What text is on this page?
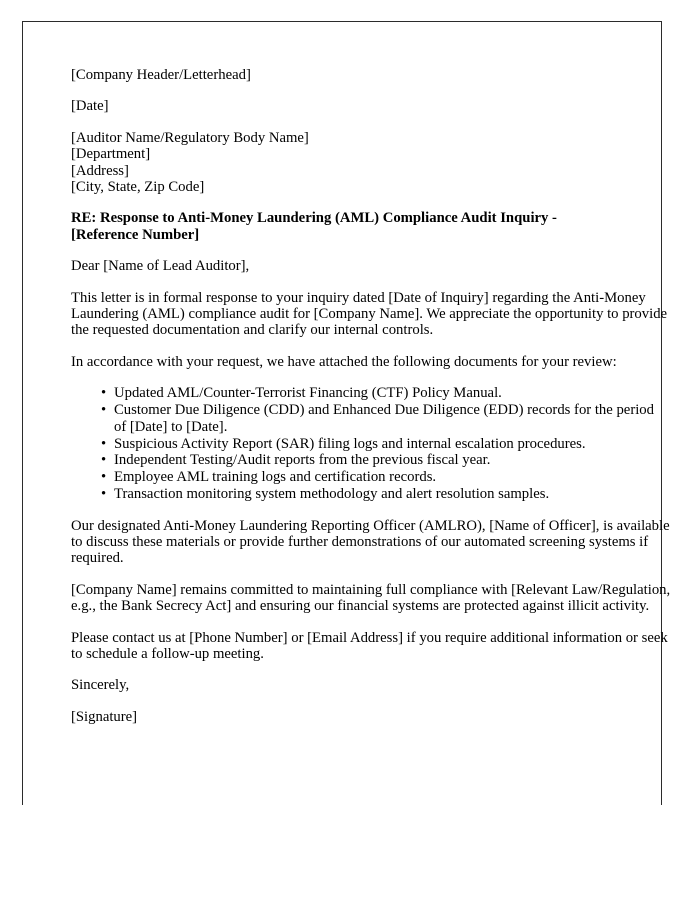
[Company Header/Letterhead]
[Date]
[Auditor Name/Regulatory Body Name]
[Department]
[Address]
[City, State, Zip Code]
RE: Response to Anti-Money Laundering (AML) Compliance Audit Inquiry - [Reference Number]
Dear [Name of Lead Auditor],
This letter is in formal response to your inquiry dated [Date of Inquiry] regarding the Anti-Money Laundering (AML) compliance audit for [Company Name]. We appreciate the opportunity to provide the requested documentation and clarify our internal controls.
In accordance with your request, we have attached the following documents for your review:
• Updated AML/Counter-Terrorist Financing (CTF) Policy Manual.
• Customer Due Diligence (CDD) and Enhanced Due Diligence (EDD) records for the period of [Date] to [Date].
• Suspicious Activity Report (SAR) filing logs and internal escalation procedures.
• Independent Testing/Audit reports from the previous fiscal year.
• Employee AML training logs and certification records.
• Transaction monitoring system methodology and alert resolution samples.
Our designated Anti-Money Laundering Reporting Officer (AMLRO), [Name of Officer], is available to discuss these materials or provide further demonstrations of our automated screening systems if required.
[Company Name] remains committed to maintaining full compliance with [Relevant Law/Regulation, e.g., the Bank Secrecy Act] and ensuring our financial systems are protected against illicit activity.
Please contact us at [Phone Number] or [Email Address] if you require additional information or seek to schedule a follow-up meeting.
Sincerely,
[Signature]
